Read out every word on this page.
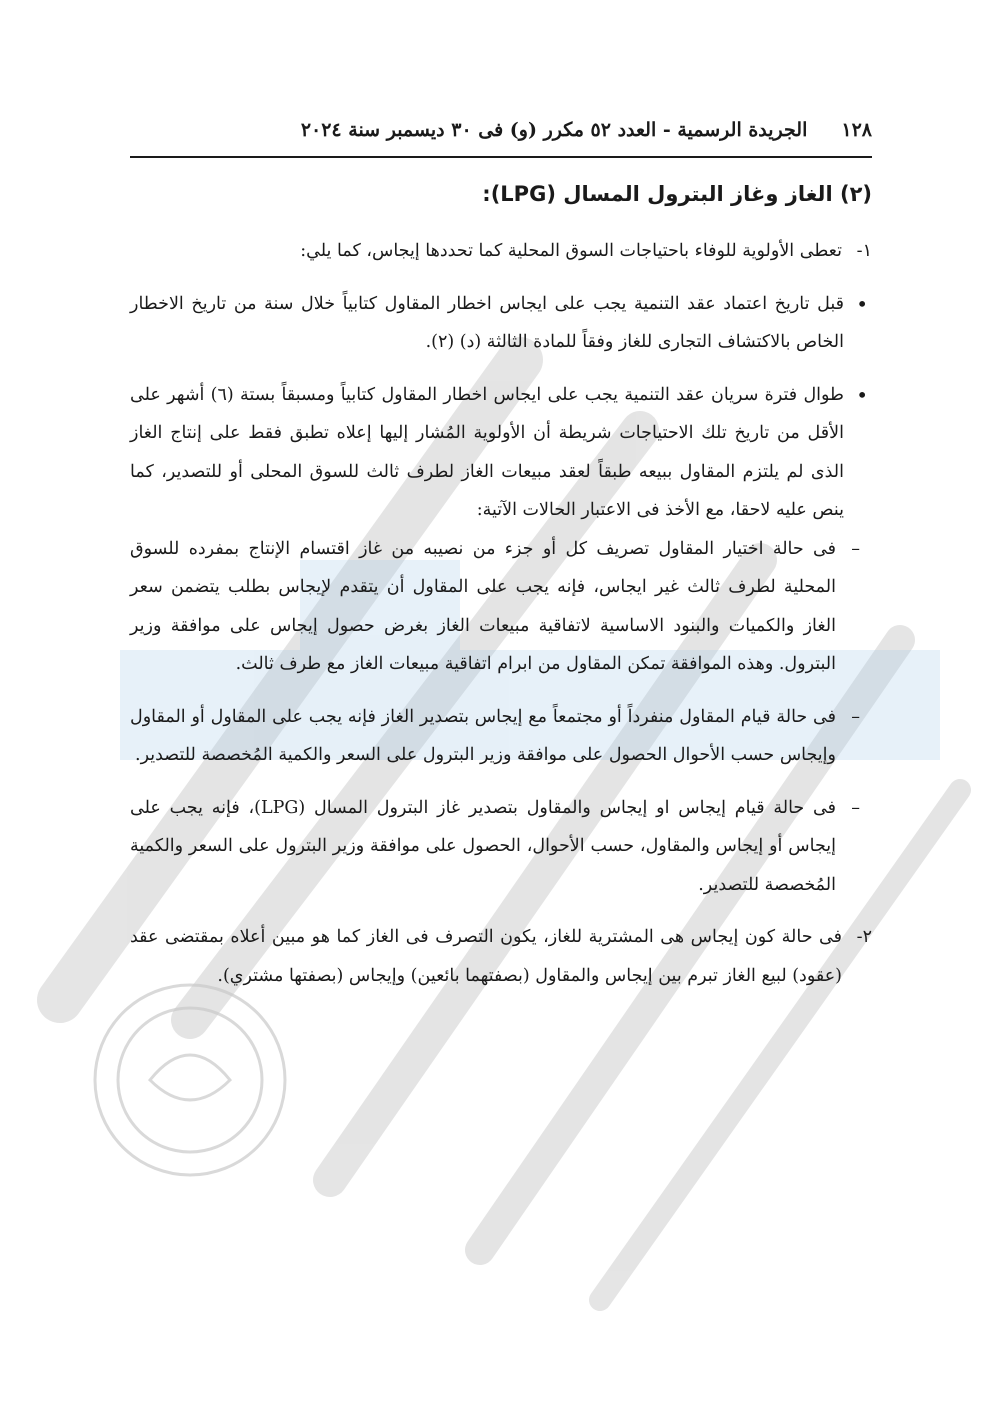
١٢٨
الجريدة الرسمية - العدد ٥٢ مكرر (و) فى ٣٠ ديسمبر سنة ٢٠٢٤
(٢) الغاز وغاز البترول المسال (LPG):
١-
تعطى الأولوية للوفاء باحتياجات السوق المحلية كما تحددها إيجاس، كما يلي:
•
قبل تاريخ اعتماد عقد التنمية يجب على ايجاس اخطار المقاول كتابياً خلال سنة من تاريخ الاخطار الخاص بالاكتشاف التجارى للغاز وفقاً للمادة الثالثة (د) (٢).
•
طوال فترة سريان عقد التنمية يجب على ايجاس اخطار المقاول كتابياً ومسبقاً بستة (٦) أشهر على الأقل من تاريخ تلك الاحتياجات شريطة أن الأولوية المُشار إليها إعلاه تطبق فقط على إنتاج الغاز الذى لم يلتزم المقاول ببيعه طبقاً لعقد مبيعات الغاز لطرف ثالث للسوق المحلى أو للتصدير، كما ينص عليه لاحقا، مع الأخذ فى الاعتبار الحالات الآتية:
–
فى حالة اختيار المقاول تصريف كل أو جزء من نصيبه من غاز اقتسام الإنتاج بمفرده للسوق المحلية لطرف ثالث غير ايجاس، فإنه يجب على المقاول أن يتقدم لإيجاس بطلب يتضمن سعر الغاز والكميات والبنود الاساسية لاتفاقية مبيعات الغاز بغرض حصول إيجاس على موافقة وزير البترول. وهذه الموافقة تمكن المقاول من ابرام اتفاقية مبيعات الغاز مع طرف ثالث.
–
فى حالة قيام المقاول منفرداً أو مجتمعاً مع إيجاس بتصدير الغاز فإنه يجب على المقاول أو المقاول وإيجاس حسب الأحوال الحصول على موافقة وزير البترول على السعر والكمية المُخصصة للتصدير.
–
فى حالة قيام إيجاس او إيجاس والمقاول بتصدير غاز البترول المسال (LPG)، فإنه يجب على إيجاس أو إيجاس والمقاول، حسب الأحوال، الحصول على موافقة وزير البترول على السعر والكمية المُخصصة للتصدير.
٢-
فى حالة كون إيجاس هى المشترية للغاز، يكون التصرف فى الغاز كما هو مبين أعلاه بمقتضى عقد (عقود) لبيع الغاز تبرم بين إيجاس والمقاول (بصفتهما بائعين) وإيجاس (بصفتها مشتري).
